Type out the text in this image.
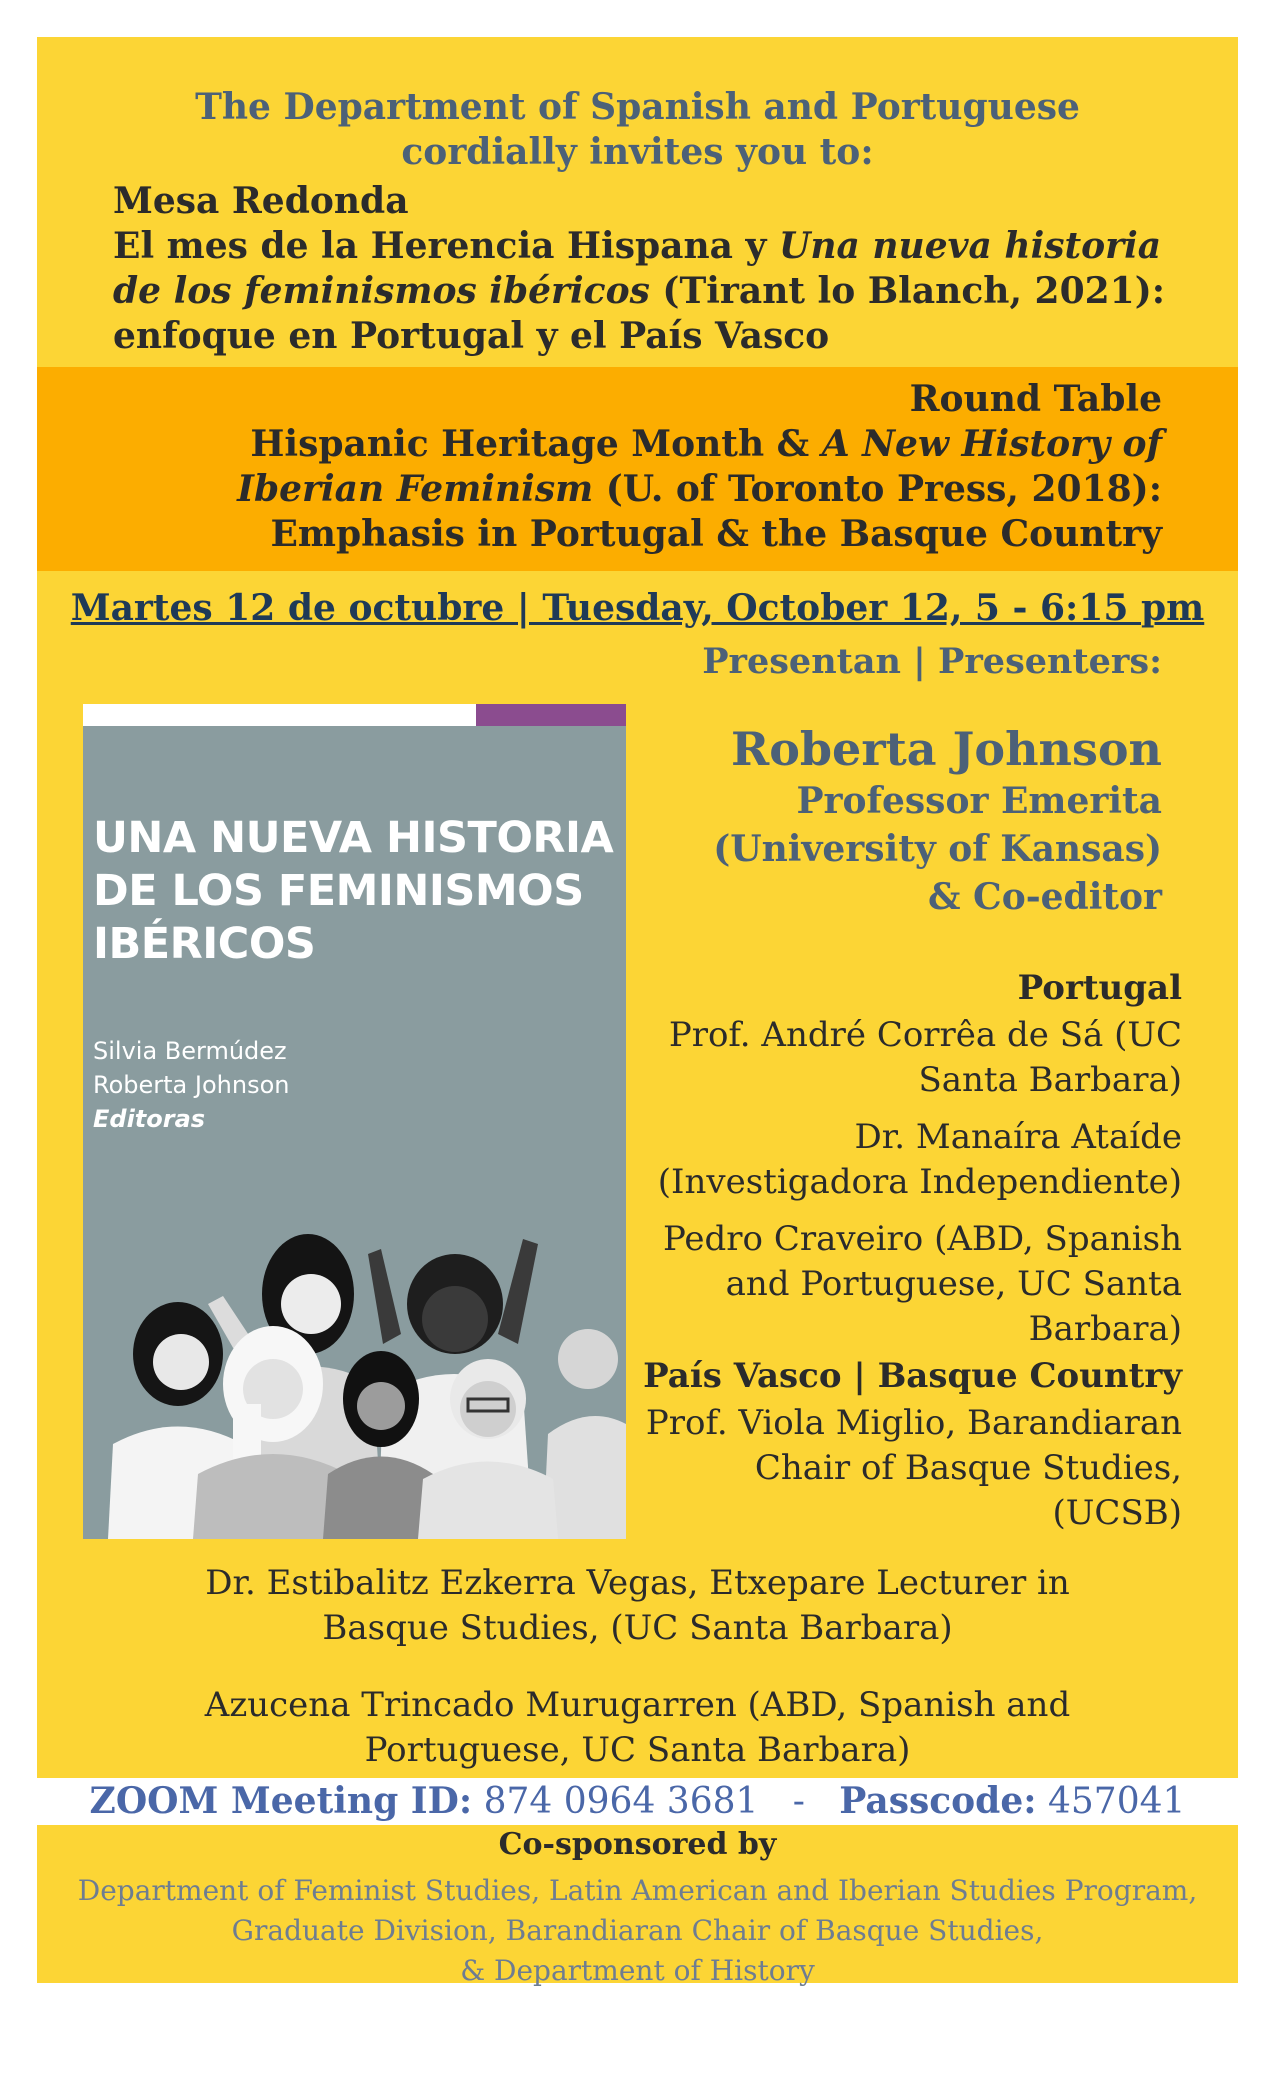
The Department of Spanish and Portuguese
cordially invites you to:
Mesa Redonda
El mes de la Herencia Hispana y Una nueva historia de los feminismos ibéricos (Tirant lo Blanch, 2021): enfoque en Portugal y el País Vasco
Round Table
Hispanic Heritage Month & A New History of Iberian Feminism (U. of Toronto Press, 2018): Emphasis in Portugal & the Basque Country
Martes 12 de octubre | Tuesday, October 12, 5 - 6:15 pm
Presentan | Presenters:
UNA NUEVA HISTORIA
DE LOS FEMINISMOS
IBÉRICOS
Silvia Bermúdez
Roberta Johnson
Editoras
Roberta Johnson
Professor Emerita
(University of Kansas)
& Co-editor

Portugal

Prof. André Corrêa de Sá (UC Santa Barbara)

Dr. Manaíra Ataíde (Investigadora Independiente)

Pedro Craveiro (ABD, Spanish and Portuguese, UC Santa Barbara)

País Vasco | Basque Country

Prof. Viola Miglio, Barandiaran Chair of Basque Studies, (UCSB)

Dr. Estibalitz Ezkerra Vegas, Etxepare Lecturer in Basque Studies, (UC Santa Barbara)
Azucena Trincado Murugarren (ABD, Spanish and Portuguese, UC Santa Barbara)
ZOOM Meeting ID: 874 0964 3681 - Passcode: 457041
Co-sponsored by
Department of Feminist Studies, Latin American and Iberian Studies Program,
Graduate Division, Barandiaran Chair of Basque Studies,
& Department of History
